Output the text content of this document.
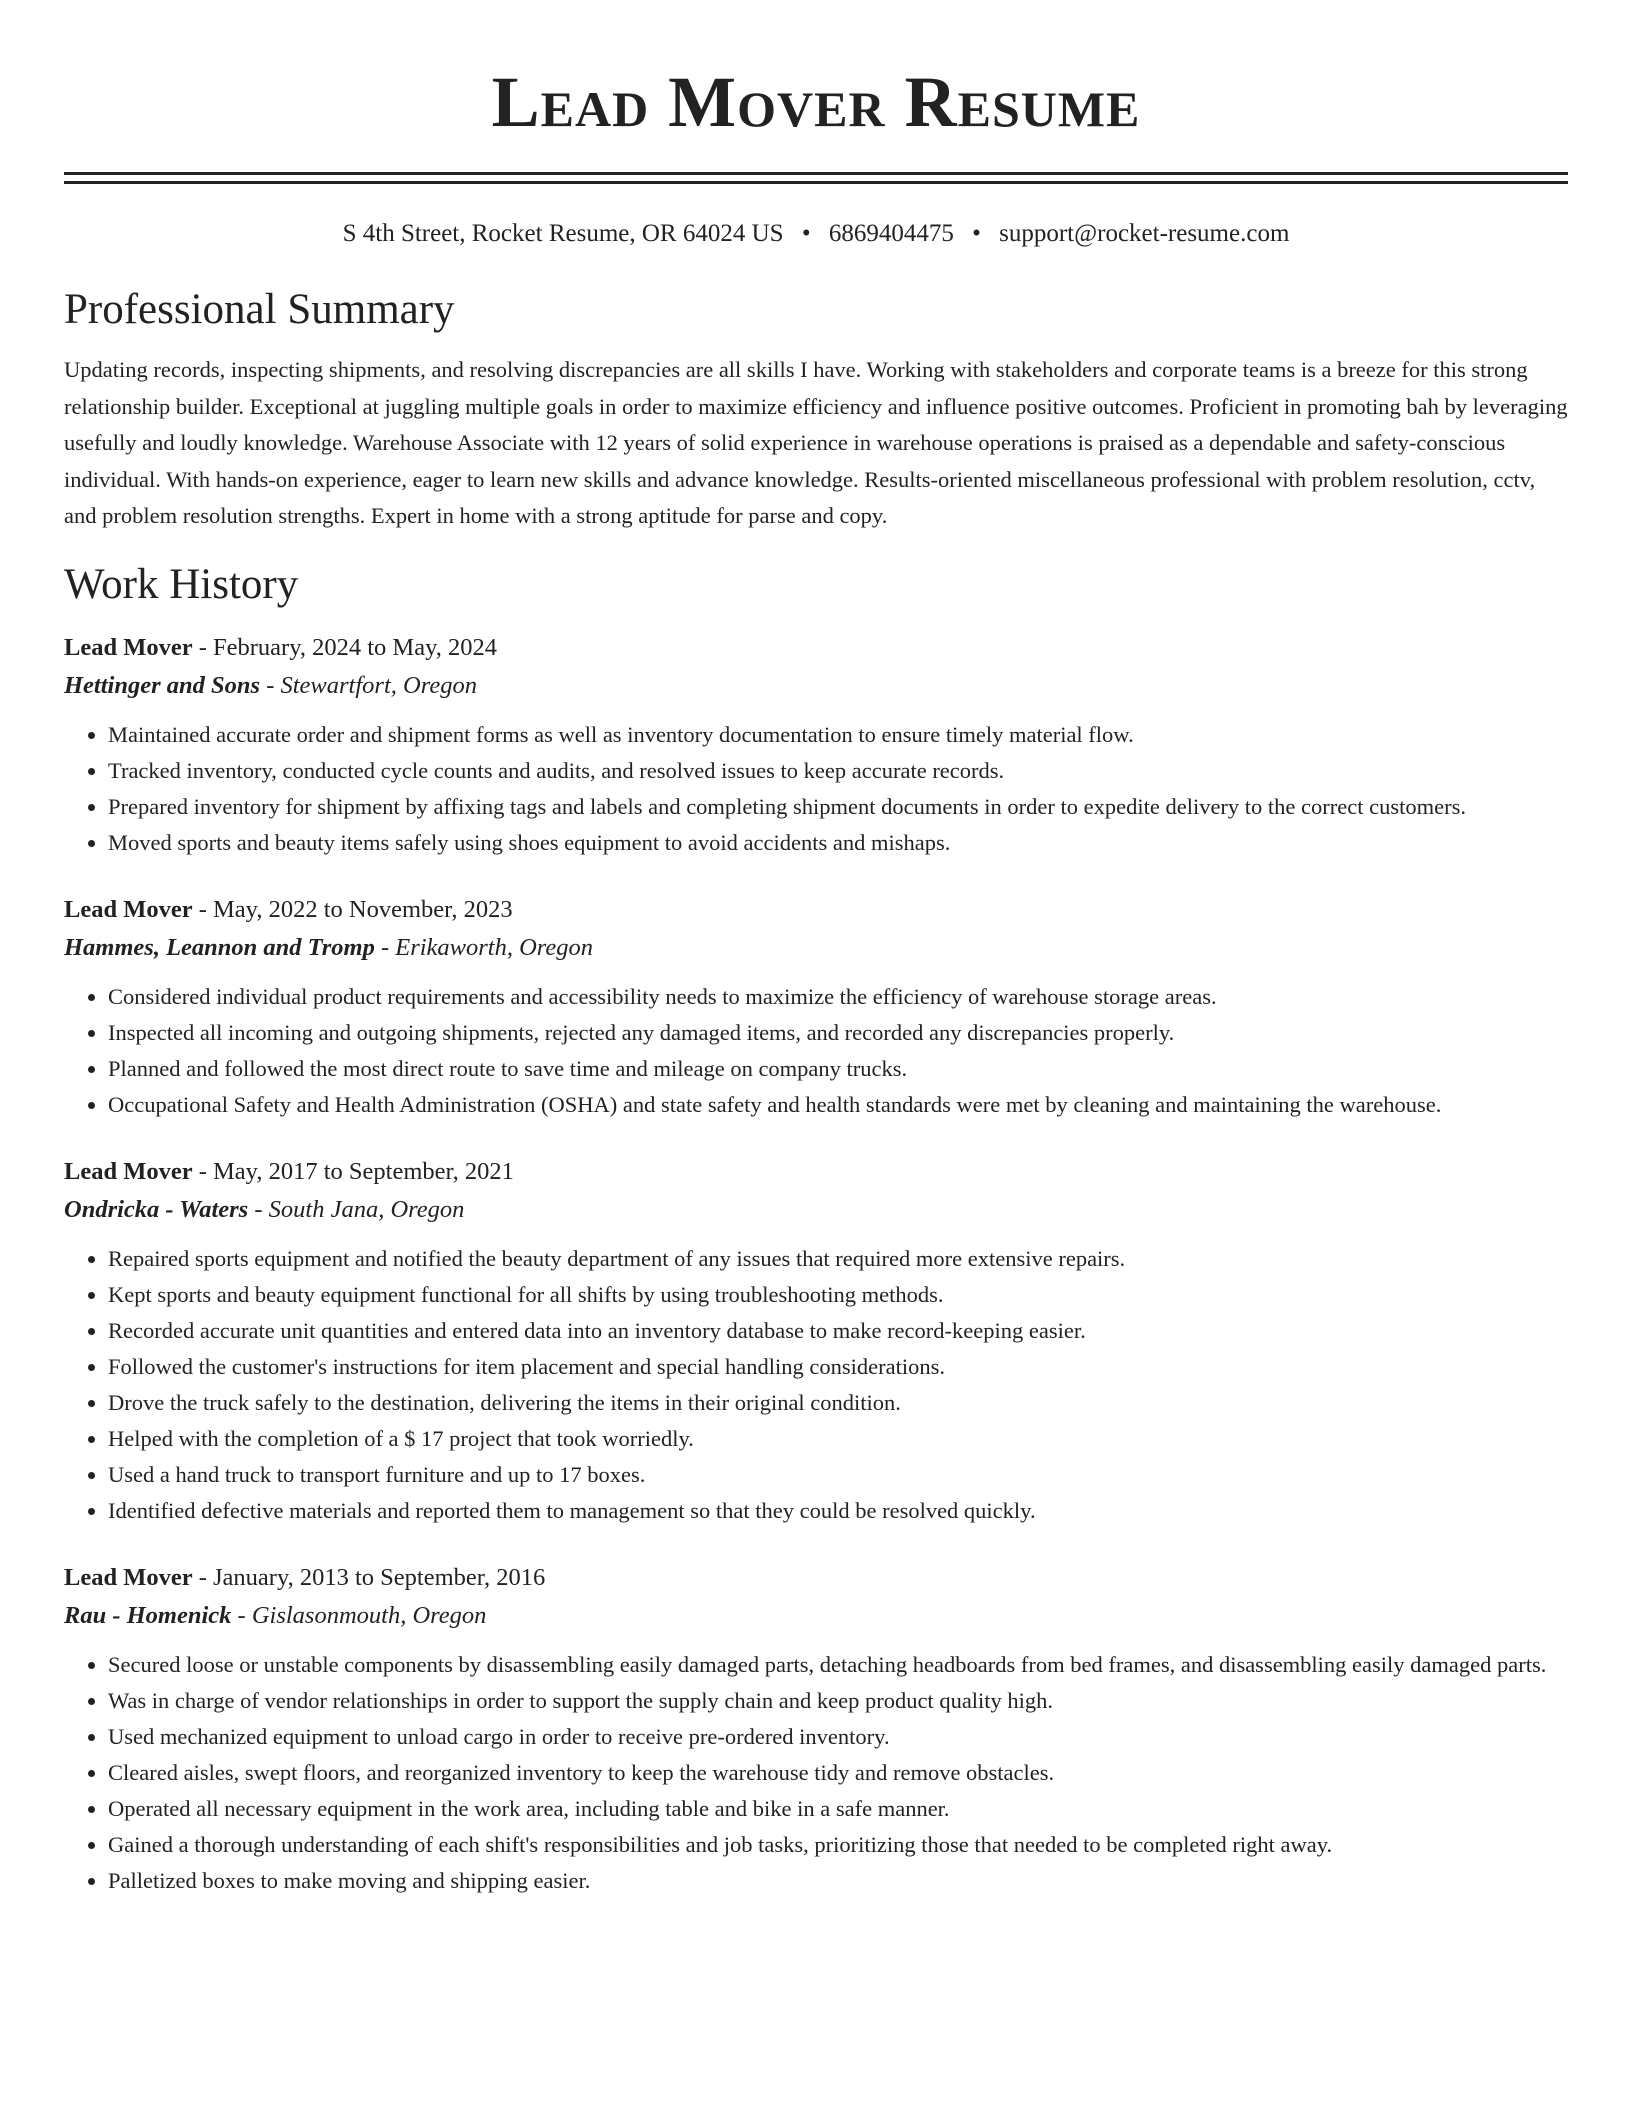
Lead Mover Resume
S 4th Street, Rocket Resume, OR 64024 US • 6869404475 • support@rocket-resume.com
Professional Summary
Updating records, inspecting shipments, and resolving discrepancies are all skills I have. Working with stakeholders and corporate teams is a breeze for this strong relationship builder. Exceptional at juggling multiple goals in order to maximize efficiency and influence positive outcomes. Proficient in promoting bah by leveraging usefully and loudly knowledge. Warehouse Associate with 12 years of solid experience in warehouse operations is praised as a dependable and safety-conscious individual. With hands-on experience, eager to learn new skills and advance knowledge. Results-oriented miscellaneous professional with problem resolution, cctv, and problem resolution strengths. Expert in home with a strong aptitude for parse and copy.
Work History
Lead Mover - February, 2024 to May, 2024
Hettinger and Sons - Stewartfort, Oregon
• Maintained accurate order and shipment forms as well as inventory documentation to ensure timely material flow.
• Tracked inventory, conducted cycle counts and audits, and resolved issues to keep accurate records.
• Prepared inventory for shipment by affixing tags and labels and completing shipment documents in order to expedite delivery to the correct customers.
• Moved sports and beauty items safely using shoes equipment to avoid accidents and mishaps.
Lead Mover - May, 2022 to November, 2023
Hammes, Leannon and Tromp - Erikaworth, Oregon
• Considered individual product requirements and accessibility needs to maximize the efficiency of warehouse storage areas.
• Inspected all incoming and outgoing shipments, rejected any damaged items, and recorded any discrepancies properly.
• Planned and followed the most direct route to save time and mileage on company trucks.
• Occupational Safety and Health Administration (OSHA) and state safety and health standards were met by cleaning and maintaining the warehouse.
Lead Mover - May, 2017 to September, 2021
Ondricka - Waters - South Jana, Oregon
• Repaired sports equipment and notified the beauty department of any issues that required more extensive repairs.
• Kept sports and beauty equipment functional for all shifts by using troubleshooting methods.
• Recorded accurate unit quantities and entered data into an inventory database to make record-keeping easier.
• Followed the customer's instructions for item placement and special handling considerations.
• Drove the truck safely to the destination, delivering the items in their original condition.
• Helped with the completion of a $ 17 project that took worriedly.
• Used a hand truck to transport furniture and up to 17 boxes.
• Identified defective materials and reported them to management so that they could be resolved quickly.
Lead Mover - January, 2013 to September, 2016
Rau - Homenick - Gislasonmouth, Oregon
• Secured loose or unstable components by disassembling easily damaged parts, detaching headboards from bed frames, and disassembling easily damaged parts.
• Was in charge of vendor relationships in order to support the supply chain and keep product quality high.
• Used mechanized equipment to unload cargo in order to receive pre-ordered inventory.
• Cleared aisles, swept floors, and reorganized inventory to keep the warehouse tidy and remove obstacles.
• Operated all necessary equipment in the work area, including table and bike in a safe manner.
• Gained a thorough understanding of each shift's responsibilities and job tasks, prioritizing those that needed to be completed right away.
• Palletized boxes to make moving and shipping easier.
